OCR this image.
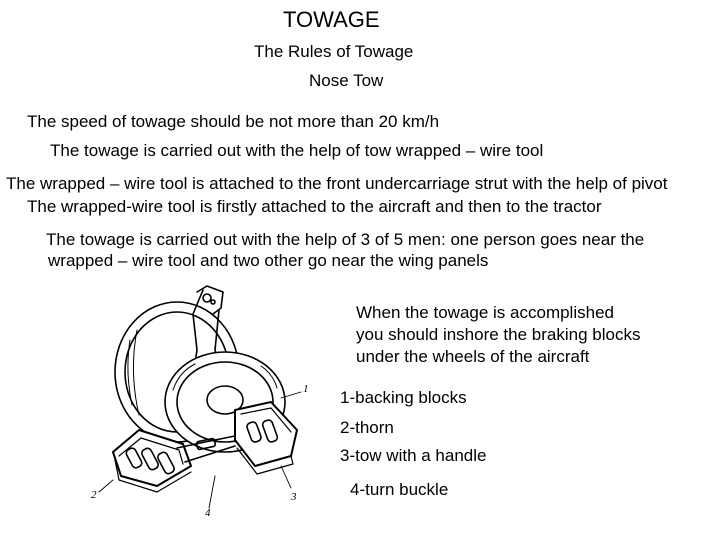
TOWAGE
The Rules of Towage
Nose Tow
The speed of towage should be not more than 20 km/h
The towage is carried out with the help of tow wrapped – wire tool
The wrapped – wire tool is attached to the front undercarriage strut with the help of pivot
The wrapped-wire tool is firstly attached to the aircraft and then to the tractor
The towage is carried out with the help of 3 of 5 men: one person goes near the
wrapped – wire tool and two other go near the wing panels
When the towage is accomplished
you should inshore the braking blocks
under the wheels of the aircraft
1-backing blocks
2-thorn
3-tow with a handle
4-turn buckle
1
2	3
4
